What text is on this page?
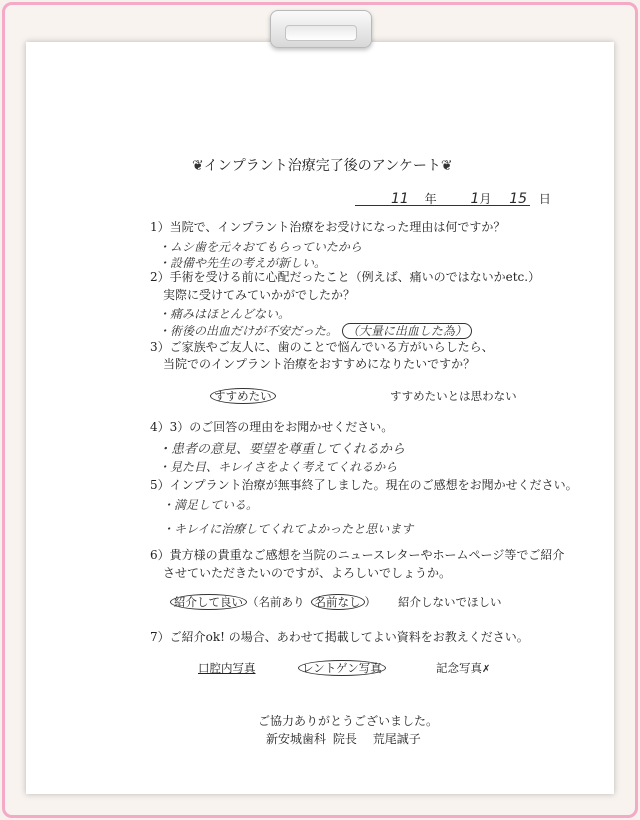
❦インプラント治療完了後のアンケート❦
11 年 1月 15 日
1）当院で、インプラント治療をお受けになった理由は何ですか？
・ムシ歯を元々おてもらっていたから
・設備や先生の考えが新しい。
2）手術を受ける前に心配だったこと（例えば、痛いのではないかetc.）
実際に受けてみていかがでしたか？
・痛みはほとんどない。
・術後の出血だけが不安だった。 （大量に出血した為）
3）ご家族やご友人に、歯のことで悩んでいる方がいらしたら、
当院でのインプラント治療をおすすめになりたいですか？
すすめたい	すすめたいとは思わない
4）3）のご回答の理由をお聞かせください。
・患者の意見、要望を尊重してくれるから
・見た目、キレイさをよく考えてくれるから
5）インプラント治療が無事終了しました。現在のご感想をお聞かせください。
・満足している。
・キレイに治療してくれてよかったと思います
6）貴方様の貴重なご感想を当院のニュースレターやホームページ等でご紹介
させていただきたいのですが、よろしいでしょうか。
紹介して良い （名前あり 名前なし ） 紹介しないでほしい
7）ご紹介ok! の場合、あわせて掲載してよい資料をお教えください。
口腔内写真	レントゲン写真	記念写真✗
ご協力ありがとうございました。
新安城歯科 院長 荒尾誠子
